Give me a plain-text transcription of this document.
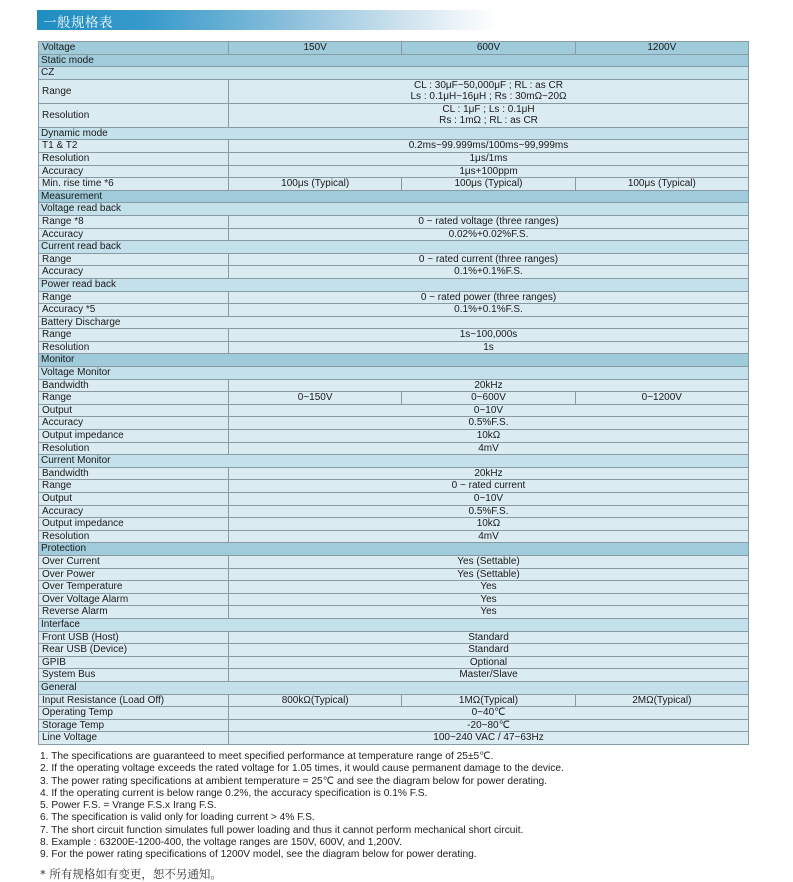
一般规格表
Voltage	150V	600V	1200V
Static mode			
CZ			
Range	CL : 30μF~50,000μF ; RL : as CR
Ls : 0.1μH~16μH ; Rs : 30mΩ~20Ω		

Resolution	CL : 1μF ; Ls : 0.1μH
Rs : 1mΩ ; RL : as CR		

Dynamic mode			
T1 & T2	0.2ms~99.999ms/100ms~99,999ms		
Resolution	1μs/1ms		
Accuracy	1μs+100ppm		
Min. rise time *6	100μs (Typical)	100μs (Typical)	100μs (Typical)
Measurement			
Voltage read back			
Range *8	0 ~ rated voltage (three ranges)		
Accuracy	0.02%+0.02%F.S.		
Current read back			
Range	0 ~ rated current (three ranges)		
Accuracy	0.1%+0.1%F.S.		
Power read back			
Range	0 ~ rated power (three ranges)		
Accuracy *5	0.1%+0.1%F.S.		
Battery Discharge			
Range	1s~100,000s		
Resolution	1s		
Monitor			
Voltage Monitor			
Bandwidth	20kHz		
Range	0~150V	0~600V	0~1200V
Output	0~10V		
Accuracy	0.5%F.S.		
Output impedance	10kΩ		
Resolution	4mV		
Current Monitor			
Bandwidth	20kHz		
Range	0 ~ rated current		
Output	0~10V		
Accuracy	0.5%F.S.		
Output impedance	10kΩ		
Resolution	4mV		
Protection			
Over Current	Yes (Settable)		
Over Power	Yes (Settable)		
Over Temperature	Yes		
Over Voltage Alarm	Yes		
Reverse Alarm	Yes		
Interface			
Front USB (Host)	Standard		
Rear USB (Device)	Standard		
GPIB	Optional		
System Bus	Master/Slave		
General			
Input Resistance (Load Off)	800kΩ(Typical)	1MΩ(Typical)	2MΩ(Typical)
Operating Temp	0~40℃		
Storage Temp	-20~80℃		
Line Voltage	100~240 VAC / 47~63Hz		
1. The specifications are guaranteed to meet specified performance at temperature range of 25±5℃.
2. If the operating voltage exceeds the rated voltage for 1.05 times, it would cause permanent damage to the device.
3. The power rating specifications at ambient temperature = 25℃ and see the diagram below for power derating.
4. If the operating current is below range 0.2%, the accuracy specification is 0.1% F.S.
5. Power F.S. = Vrange F.S.x Irang F.S.
6. The specification is valid only for loading current > 4% F.S.
7. The short circuit function simulates full power loading and thus it cannot perform mechanical short circuit.
8. Example : 63200E-1200-400, the voltage ranges are 150V, 600V, and 1,200V.
9. For the power rating specifications of 1200V model, see the diagram below for power derating.
* 所有规格如有变更，恕不另通知。
